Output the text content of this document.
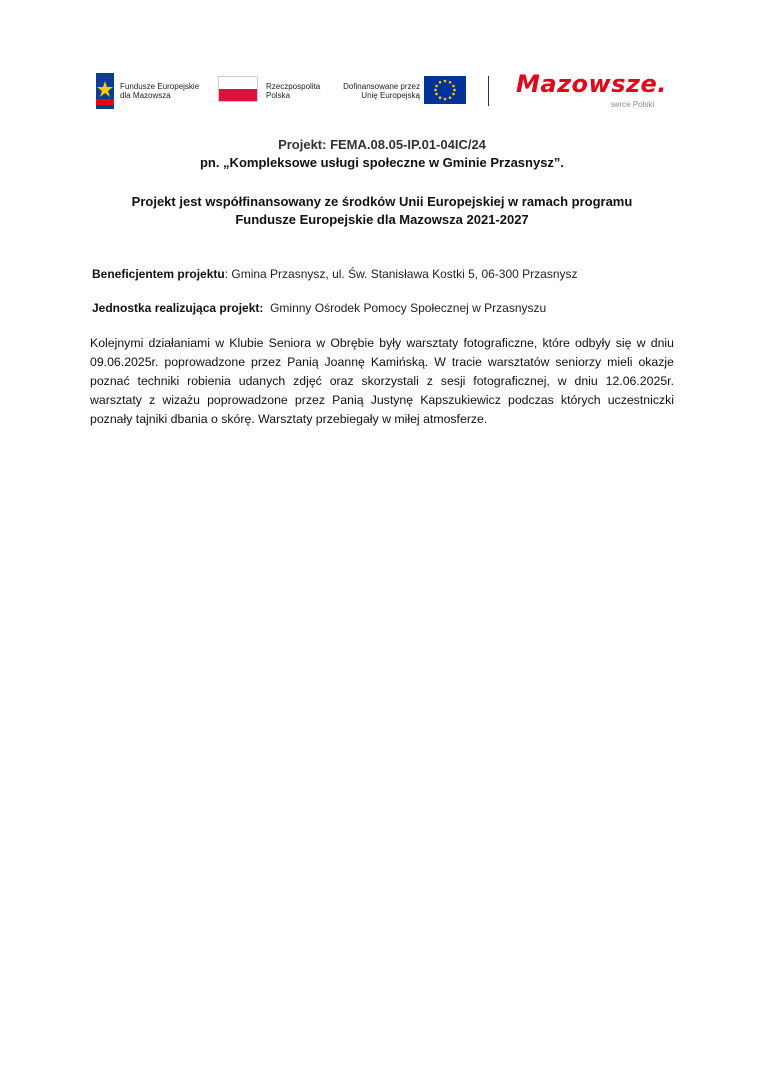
Fundusze Europejskie
dla Mazowsza
Rzeczpospolita
Polska
Dofinansowane przez
Unię Europejską	Mazowsze.
serce Polski
Projekt: FEMA.08.05-IP.01-04IC/24
pn. „Kompleksowe usługi społeczne w Gminie Przasnysz”.
Projekt jest współfinansowany ze środków Unii Europejskiej w ramach programu
Fundusze Europejskie dla Mazowsza 2021-2027
Beneficjentem projektu: Gmina Przasnysz, ul. Św. Stanisława Kostki 5, 06-300 Przasnysz
Jednostka realizująca projekt:  Gminny Ośrodek Pomocy Społecznej w Przasnyszu
Kolejnymi działaniami w Klubie Seniora w Obrębie były warsztaty fotograficzne, które odbyły się w dniu 09.06.2025r. poprowadzone przez Panią Joannę Kamińską. W tracie warsztatów seniorzy mieli okazje poznać techniki robienia udanych zdjęć oraz skorzystali z sesji fotograficznej, w dniu 12.06.2025r. warsztaty z wizażu poprowadzone przez Panią Justynę Kapszukiewicz podczas których uczestniczki poznały tajniki dbania o skórę. Warsztaty przebiegały w miłej atmosferze.
